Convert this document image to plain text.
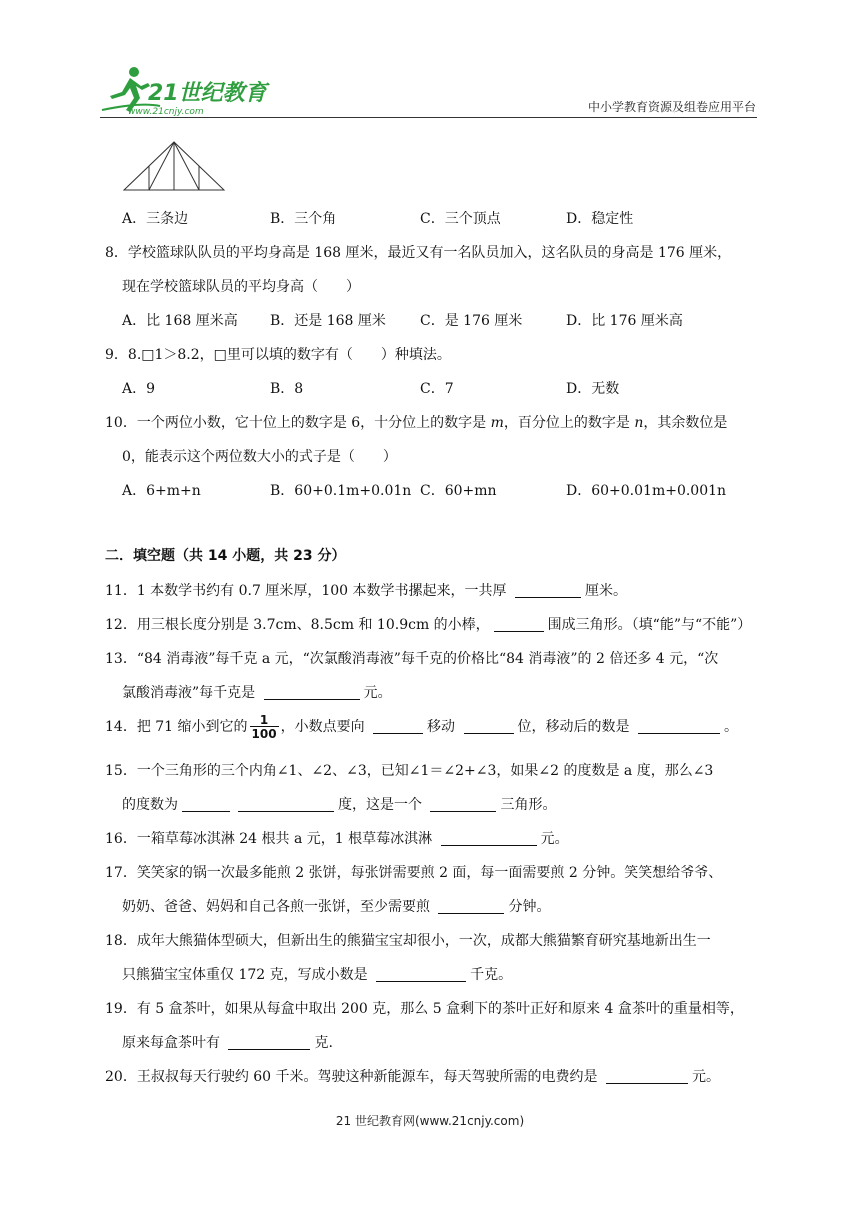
21世纪教育
www.21cnjy.com	中小学教育资源及组卷应用平台
A．三条边	B．三个角	C．三个顶点	D．稳定性
8．学校篮球队队员的平均身高是 168 厘米，最近又有一名队员加入，这名队员的身高是 176 厘米，
现在学校篮球队员的平均身高（　　）
A．比 168 厘米高 B．还是 168 厘米 C．是 176 厘米	D．比 176 厘米高
9．8.□1＞8.2，□里可以填的数字有（　　）种填法。
A．9	B．8	C．7	D．无数
10．一个两位小数，它十位上的数字是 6，十分位上的数字是 m，百分位上的数字是 n，其余数位是
0，能表示这个两位数大小的式子是（　　）
A．6+m+n	B．60+0.1m+0.01n C．60+mn	D．60+0.01m+0.001n
二．填空题（共 14 小题，共 23 分）
11．1 本数学书约有 0.7 厘米厚，100 本数学书摞起来，一共厚	厘米。
12．用三根长度分别是 3.7cm、8.5cm 和 10.9cm 的小棒，	围成三角形。（填“能”与“不能”）
13．“84 消毒液”每千克 a 元，“次氯酸消毒液”每千克的价格比“84 消毒液”的 2 倍还多 4 元，“次
氯酸消毒液”每千克是	元。
14．把 71 缩小到它的 $\frac{1}{100}$ ，小数点要向	移动	位，移动后的数是	。
15．一个三角形的三个内角∠1、∠2、∠3，已知∠1＝∠2+∠3，如果∠2 的度数是 a 度，那么∠3
的度数为	度，这是一个	三角形。
16．一箱草莓冰淇淋 24 根共 a 元，1 根草莓冰淇淋	元。
17．笑笑家的锅一次最多能煎 2 张饼，每张饼需要煎 2 面，每一面需要煎 2 分钟。笑笑想给爷爷、
奶奶、爸爸、妈妈和自己各煎一张饼，至少需要煎	分钟。
18．成年大熊猫体型硕大，但新出生的熊猫宝宝却很小，一次，成都大熊猫繁育研究基地新出生一
只熊猫宝宝体重仅 172 克，写成小数是	千克。
19．有 5 盒茶叶，如果从每盒中取出 200 克，那么 5 盒剩下的茶叶正好和原来 4 盒茶叶的重量相等，
原来每盒茶叶有	克.
20．王叔叔每天行驶约 60 千米。驾驶这种新能源车，每天驾驶所需的电费约是	元。
21 世纪教育网(www.21cnjy.com)
